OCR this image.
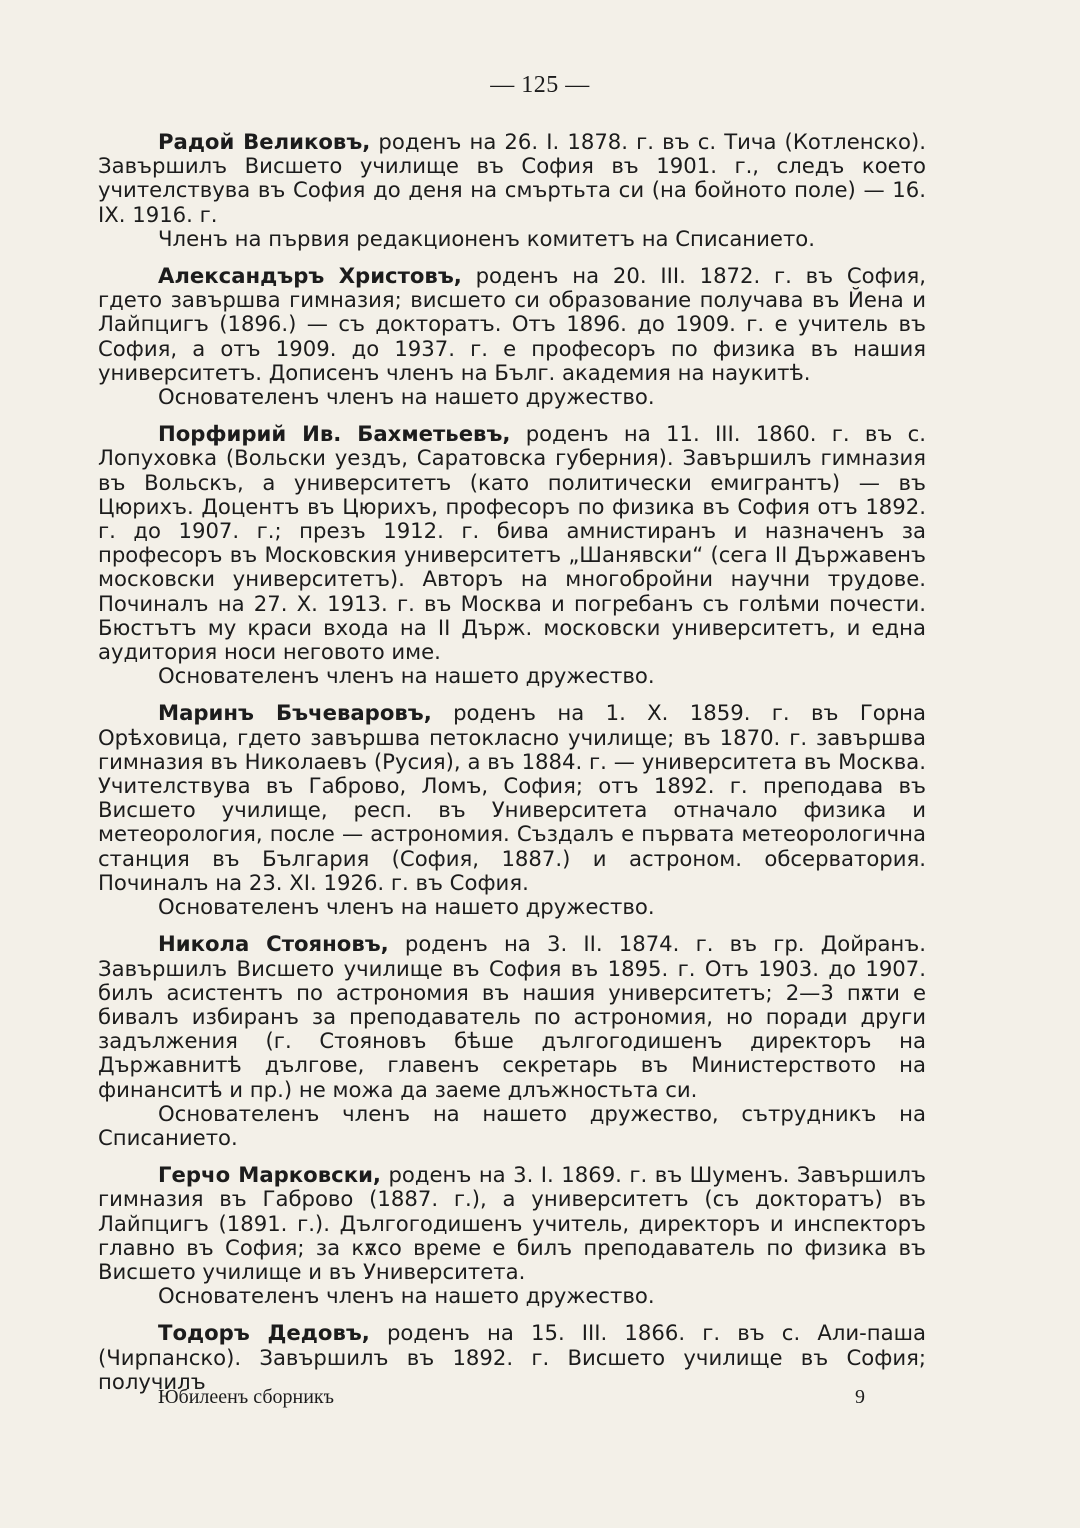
— 125 —

Радой Великовъ, роденъ на 26. I. 1878. г. въ с. Тича (Котленско). Завършилъ Висшето училище въ София въ 1901. г., следъ което учителствува въ София до деня на смъртьта си (на бойното поле) — 16. IX. 1916. г.

Членъ на първия редакционенъ комитетъ на Списанието.

Александъръ Христовъ, роденъ на 20. III. 1872. г. въ София, гдето завършва гимназия; висшето си образование получава въ Йена и Лайпцигъ (1896.) — съ докторатъ. Отъ 1896. до 1909. г. е учитель въ София, а отъ 1909. до 1937. г. е професоръ по физика въ нашия университетъ. Дописенъ членъ на Бълг. академия на наукитѣ.

Основателенъ членъ на нашето дружество.

Порфирий Ив. Бахметьевъ, роденъ на 11. III. 1860. г. въ с. Лопуховка (Вольски уездъ, Саратовска губерния). Завършилъ гимназия въ Вольскъ, а университетъ (като политически емигрантъ) — въ Цюрихъ. Доцентъ въ Цюрихъ, професоръ по физика въ София отъ 1892. г. до 1907. г.; презъ 1912. г. бива амнистиранъ и назначенъ за професоръ въ Московския университетъ „Шанявски“ (сега II Държавенъ московски университетъ). Авторъ на многобройни научни трудове. Починалъ на 27. X. 1913. г. въ Москва и погребанъ съ голѣми почести. Бюстътъ му краси входа на II Държ. московски университетъ, и една аудитория носи неговото име.

Основателенъ членъ на нашето дружество.

Маринъ Бъчеваровъ, роденъ на 1. X. 1859. г. въ Горна Орѣховица, гдето завършва петокласно училище; въ 1870. г. завършва гимназия въ Николаевъ (Русия), а въ 1884. г. — университета въ Москва. Учителствува въ Габрово, Ломъ, София; отъ 1892. г. преподава въ Висшето училище, респ. въ Университета отначало физика и метеорология, после — астрономия. Създалъ е първата метеорологична станция въ България (София, 1887.) и астроном. обсерватория. Починалъ на 23. XI. 1926. г. въ София.

Основателенъ членъ на нашето дружество.

Никола Стояновъ, роденъ на 3. II. 1874. г. въ гр. Дойранъ. Завършилъ Висшето училище въ София въ 1895. г. Отъ 1903. до 1907. билъ асистентъ по астрономия въ нашия университетъ; 2—3 пѫти е бивалъ избиранъ за преподаватель по астрономия, но поради други задължения (г. Стояновъ бѣше дългогодишенъ директоръ на Държавнитѣ дългове, главенъ секретарь въ Министерството на финанситѣ и пр.) не можа да заеме длъжностьта си.

Основателенъ членъ на нашето дружество, сътрудникъ на Списанието.

Герчо Марковски, роденъ на 3. I. 1869. г. въ Шуменъ. Завършилъ гимназия въ Габрово (1887. г.), а университетъ (съ докторатъ) въ Лайпцигъ (1891. г.). Дългогодишенъ учитель, директоръ и инспекторъ главно въ София; за кѫсо време е билъ преподаватель по физика въ Висшето училище и въ Университета.

Основателенъ членъ на нашето дружество.

Тодоръ Дедовъ, роденъ на 15. III. 1866. г. въ с. Али-паша (Чирпанско). Завършилъ въ 1892. г. Висшето училище въ София; получилъ

Юбилеенъ сборникъ	9
